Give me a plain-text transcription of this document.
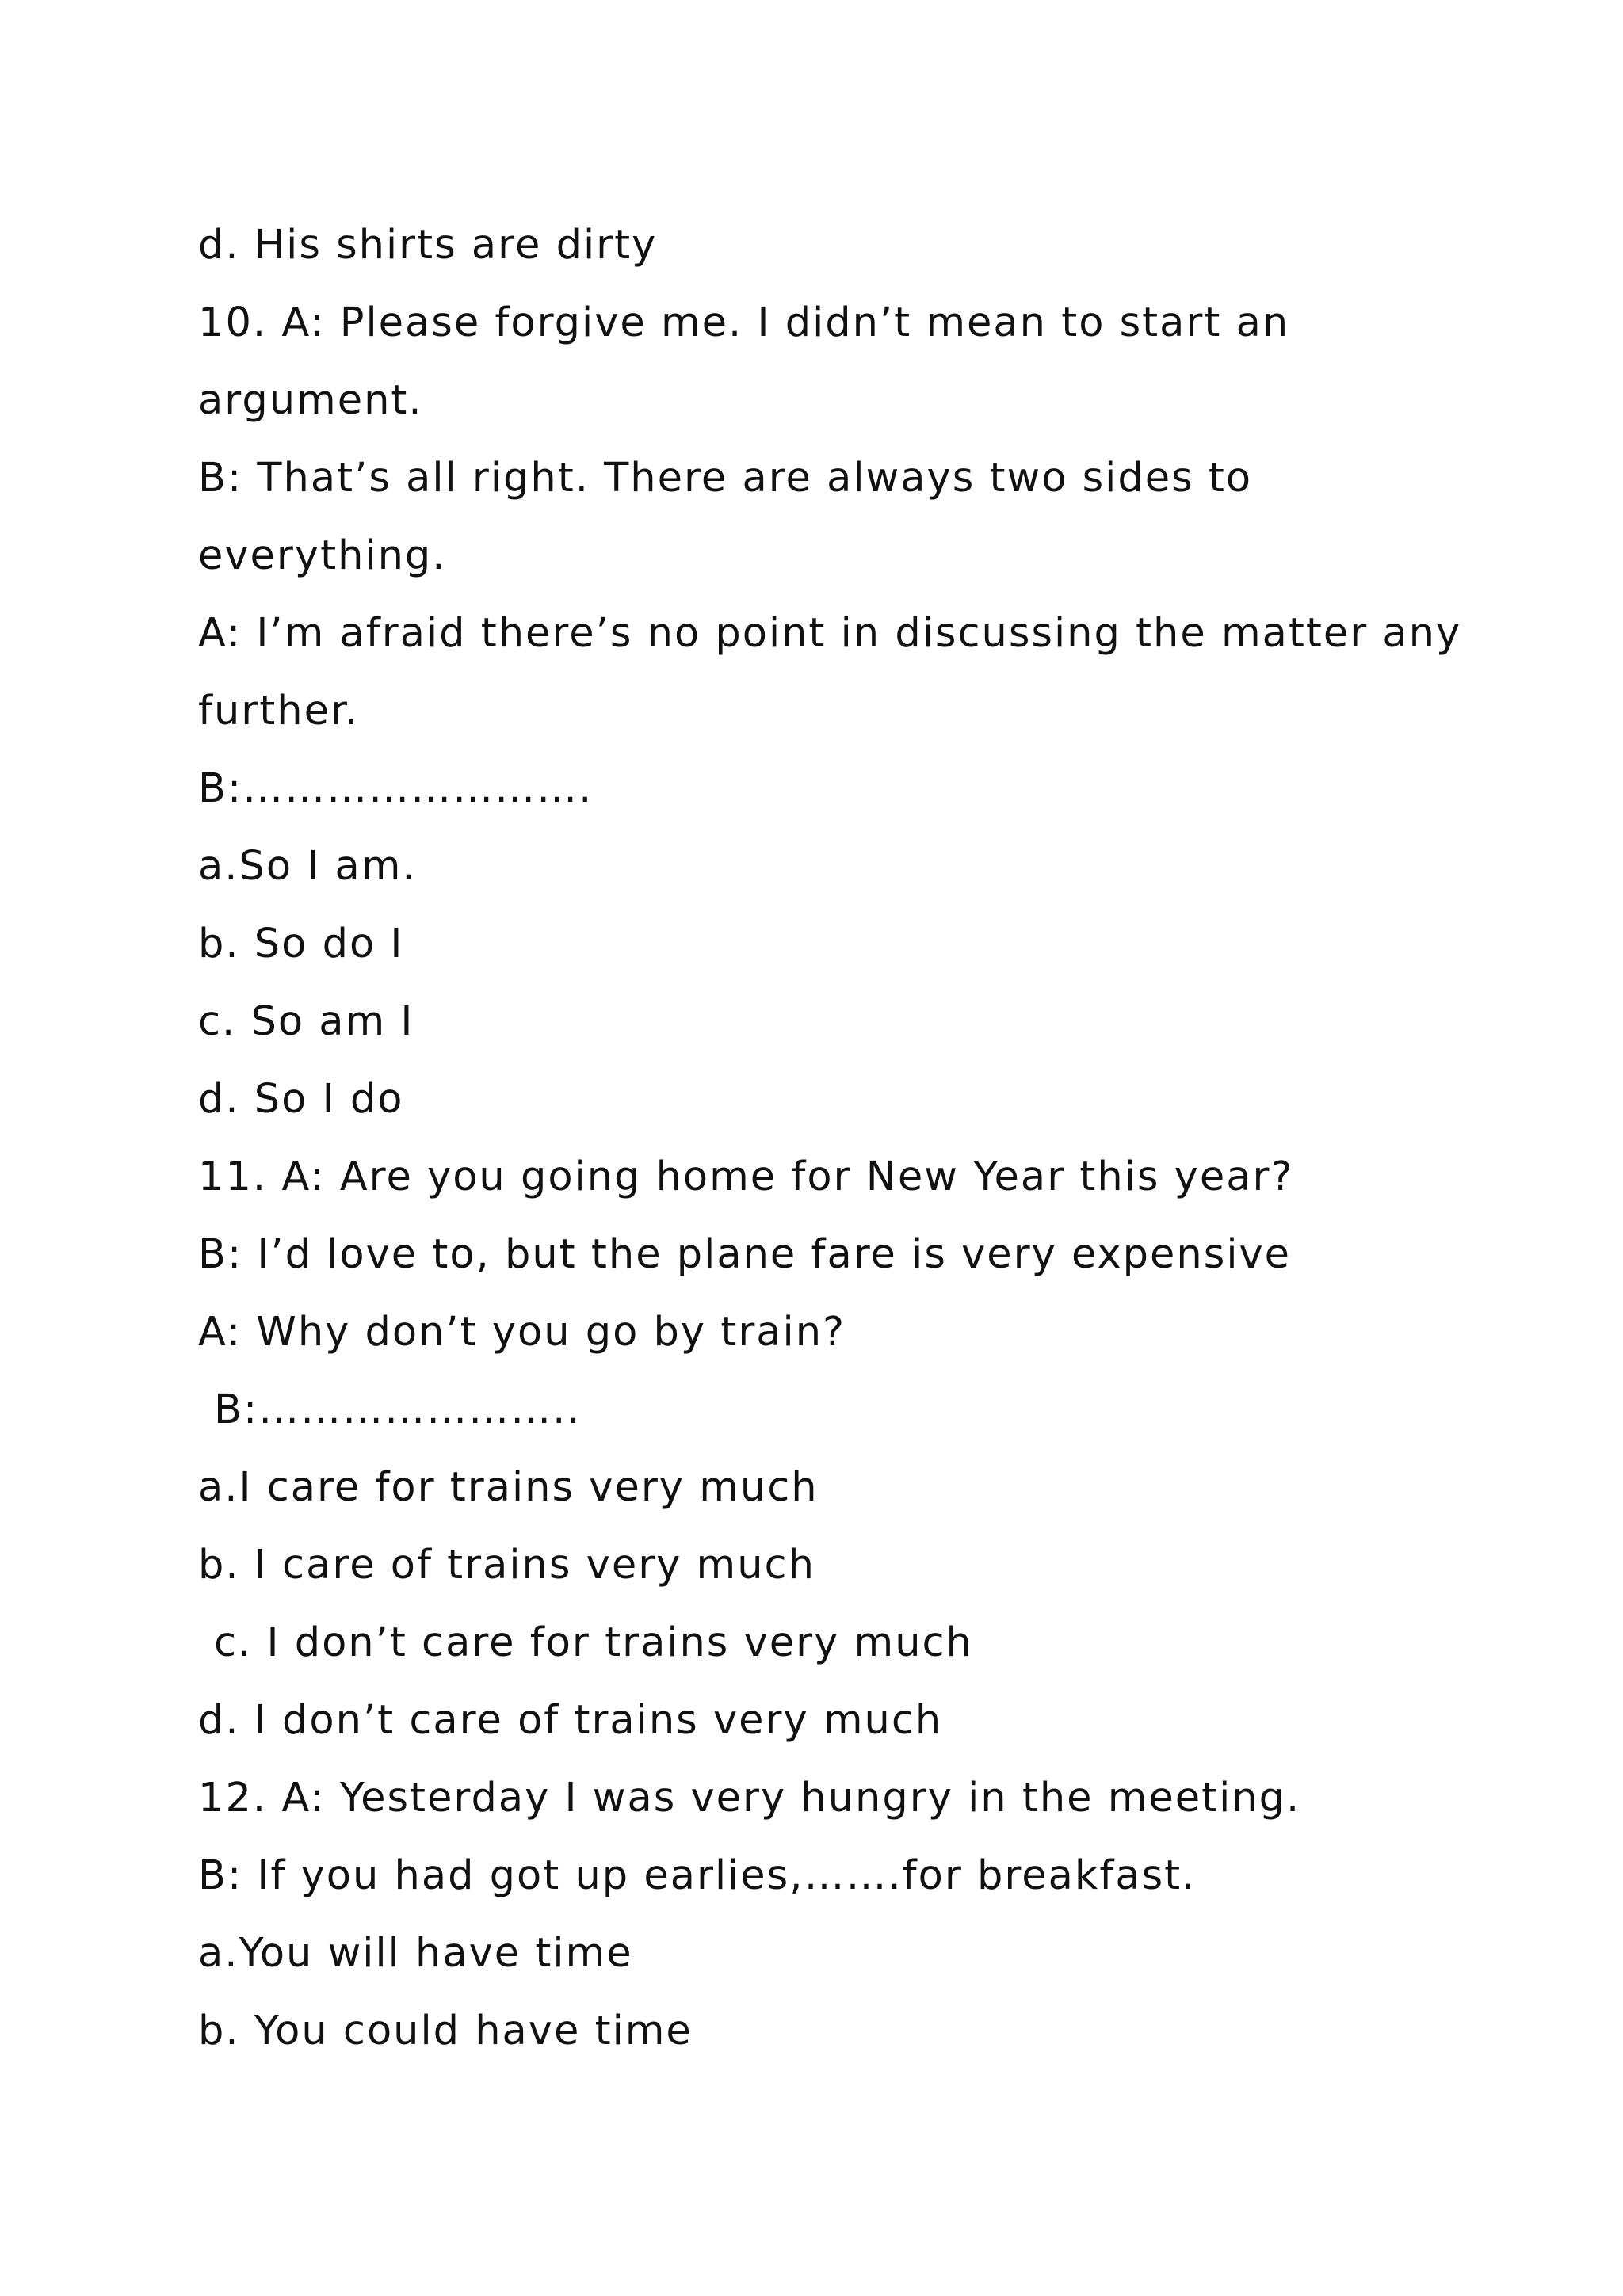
d. His shirts are dirty
10. A: Please forgive me. I didn’t mean to start an
argument.
B: That’s all right. There are always two sides to
everything.
A: I’m afraid there’s no point in discussing the matter any
further.
B:…………………….
a.So I am.
b. So do I
c. So am I
d. So I do
11. A: Are you going home for New Year this year?
B: I’d love to, but the plane fare is very expensive
A: Why don’t you go by train?
B:…………………..
a.I care for trains very much
b. I care of trains very much
c. I don’t care for trains very much
d. I don’t care of trains very much
12. A: Yesterday I was very hungry in the meeting.
B: If you had got up earlies,…….for breakfast.
a.You will have time
b. You could have time
